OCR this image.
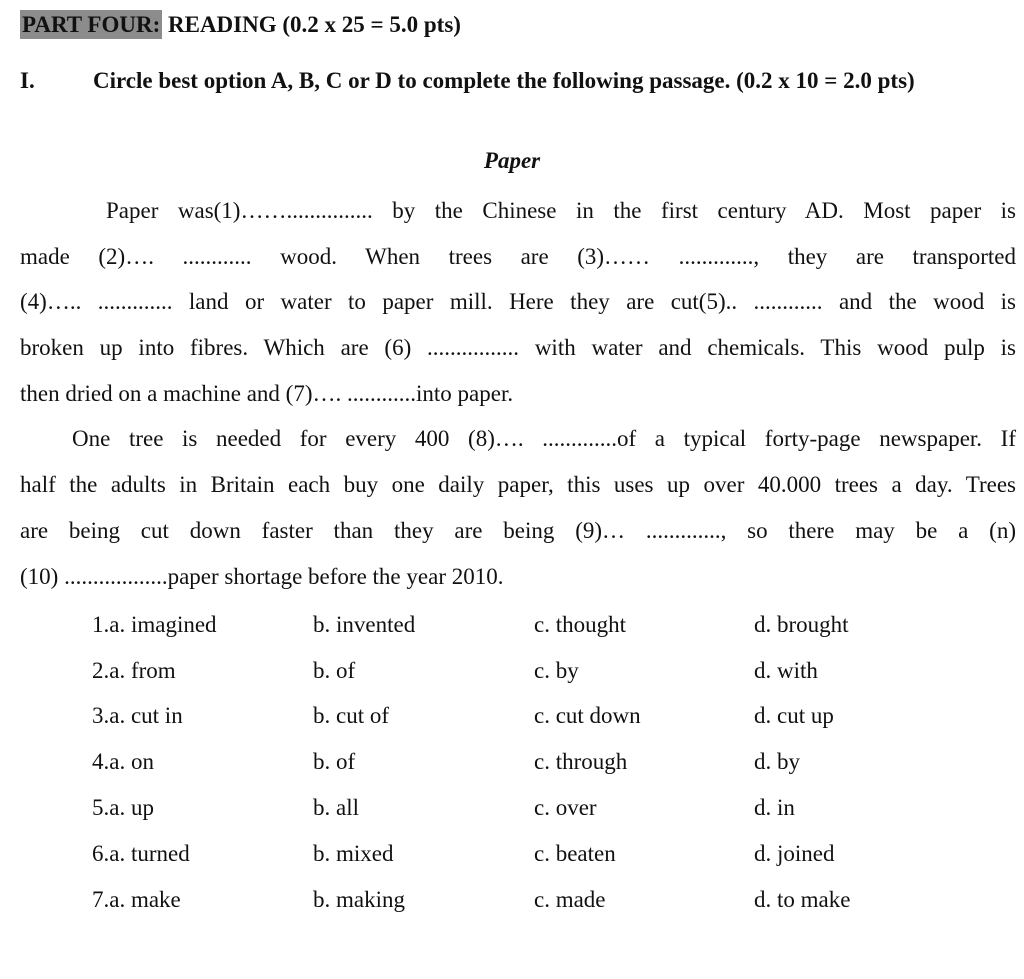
PART FOUR: READING (0.2 x 25 = 5.0 pts)
I.	Circle best option A, B, C or D to complete the following passage. (0.2 x 10 = 2.0 pts)
Paper
Paper was(1)……............... by the Chinese in the first century AD. Most paper is
made (2)…. ............ wood. When trees are (3)…… ............., they are transported
(4)….. ............. land or water to paper mill. Here they are cut(5).. ............ and the wood is
broken up into fibres. Which are (6) ................ with water and chemicals. This wood pulp is
then dried on a machine and (7)…. ............into paper.
One tree is needed for every 400 (8)…. .............of a typical forty-page newspaper. If
half the adults in Britain each buy one daily paper, this uses up over 40.000 trees a day. Trees
are being cut down faster than they are being (9)… ............., so there may be a (n)
(10) ..................paper shortage before the year 2010.
1.a. imagined	b. invented	c. thought	d. brought
2.a. from	b. of	c. by	d. with
3.a. cut in	b. cut of	c. cut down	d. cut up
4.a. on	b. of	c. through	d. by
5.a. up	b. all	c. over	d. in
6.a. turned	b. mixed	c. beaten	d. joined
7.a. make	b. making	c. made	d. to make
